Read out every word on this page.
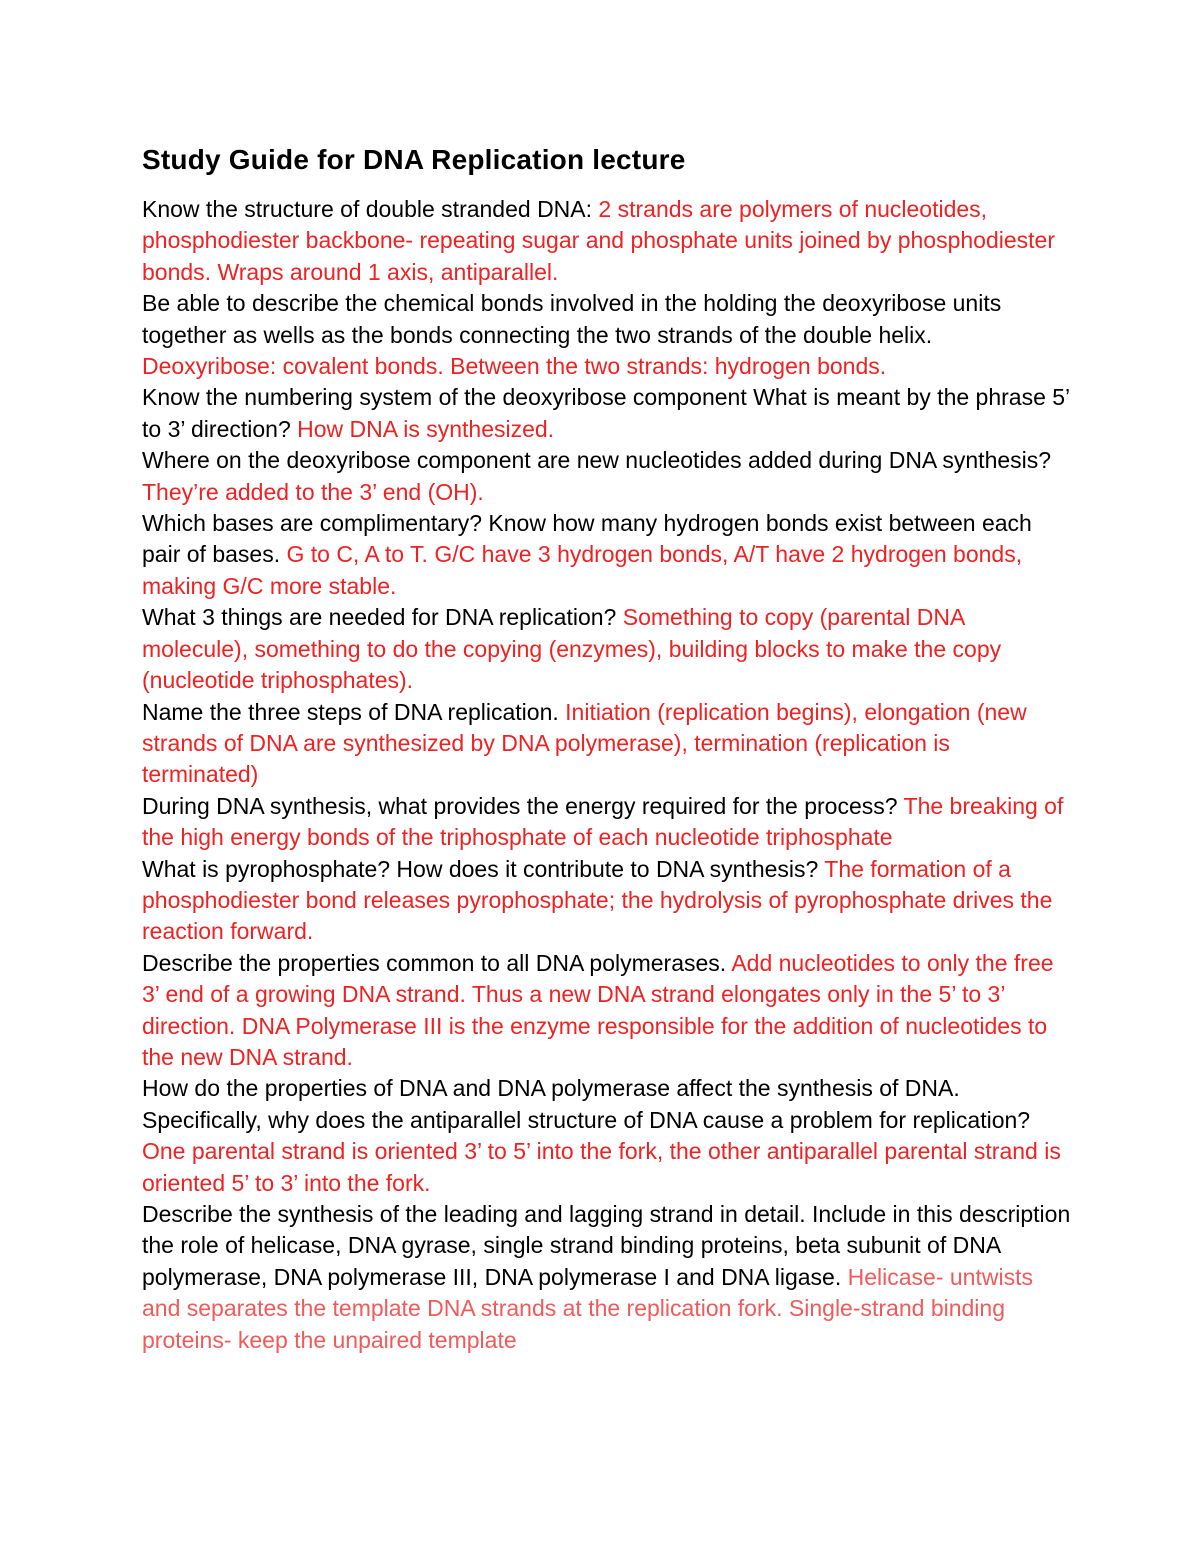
Study Guide for DNA Replication lecture
Know the structure of double stranded DNA: 2 strands are polymers of nucleotides, phosphodiester backbone- repeating sugar and phosphate units joined by phosphodiester bonds. Wraps around 1 axis, antiparallel.
Be able to describe the chemical bonds involved in the holding the deoxyribose units together as wells as the bonds connecting the two strands of the double helix. Deoxyribose: covalent bonds. Between the two strands: hydrogen bonds.
Know the numbering system of the deoxyribose component What is meant by the phrase 5’ to 3’ direction? How DNA is synthesized.
Where on the deoxyribose component are new nucleotides added during DNA synthesis? They’re added to the 3’ end (OH).
Which bases are complimentary? Know how many hydrogen bonds exist between each pair of bases. G to C, A to T. G/C have 3 hydrogen bonds, A/T have 2 hydrogen bonds, making G/C more stable.
What 3 things are needed for DNA replication? Something to copy (parental DNA molecule), something to do the copying (enzymes), building blocks to make the copy (nucleotide triphosphates).
Name the three steps of DNA replication. Initiation (replication begins), elongation (new strands of DNA are synthesized by DNA polymerase), termination (replication is terminated)
During DNA synthesis, what provides the energy required for the process? The breaking of the high energy bonds of the triphosphate of each nucleotide triphosphate
What is pyrophosphate? How does it contribute to DNA synthesis? The formation of a phosphodiester bond releases pyrophosphate; the hydrolysis of pyrophosphate drives the reaction forward.
Describe the properties common to all DNA polymerases. Add nucleotides to only the free 3’ end of a growing DNA strand. Thus a new DNA strand elongates only in the 5’ to 3’ direction. DNA Polymerase III is the enzyme responsible for the addition of nucleotides to the new DNA strand.
How do the properties of DNA and DNA polymerase affect the synthesis of DNA. Specifically, why does the antiparallel structure of DNA cause a problem for replication? One parental strand is oriented 3’ to 5’ into the fork, the other antiparallel parental strand is oriented 5’ to 3’ into the fork.
Describe the synthesis of the leading and lagging strand in detail. Include in this description the role of helicase, DNA gyrase, single strand binding proteins, beta subunit of DNA polymerase, DNA polymerase III, DNA polymerase I and DNA ligase. Helicase- untwists and separates the template DNA strands at the replication fork. Single-strand binding proteins- keep the unpaired template
